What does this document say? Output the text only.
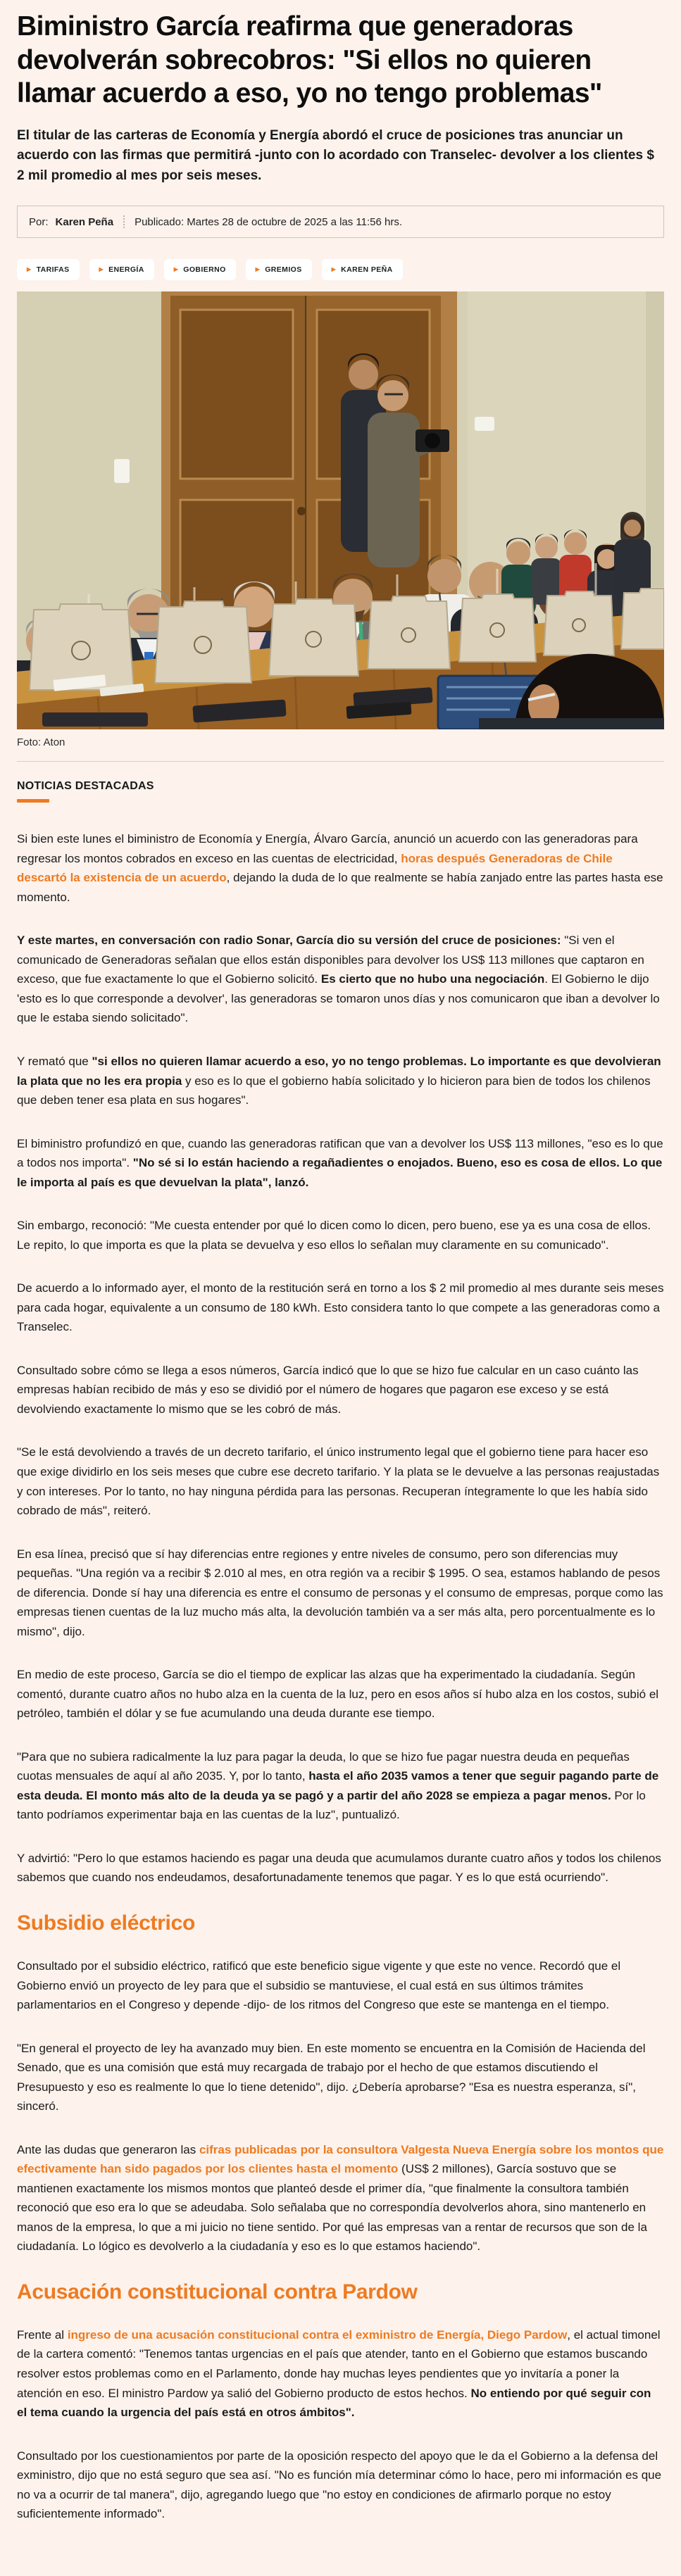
Biministro García reafirma que generadoras devolverán sobrecobros: "Si ellos no quieren llamar acuerdo a eso, yo no tengo problemas"

El titular de las carteras de Economía y Energía abordó el cruce de posiciones tras anunciar un acuerdo con las firmas que permitirá -junto con lo acordado con Transelec- devolver a los clientes $ 2 mil promedio al mes por seis meses.

Por: Karen Peña Publicado: Martes 28 de octubre de 2025 a las 11:56 hrs.
▶ TARIFAS	▶ ENERGÍA	▶ GOBIERNO	▶ GREMIOS	▶ KAREN PEÑA
Foto: Aton
NOTICIAS DESTACADAS

Si bien este lunes el biministro de Economía y Energía, Álvaro García, anunció un acuerdo con las generadoras para regresar los montos cobrados en exceso en las cuentas de electricidad, horas después Generadoras de Chile descartó la existencia de un acuerdo, dejando la duda de lo que realmente se había zanjado entre las partes hasta ese momento.

Y este martes, en conversación con radio Sonar, García dio su versión del cruce de posiciones: "Si ven el comunicado de Generadoras señalan que ellos están disponibles para devolver los US$ 113 millones que captaron en exceso, que fue exactamente lo que el Gobierno solicitó. Es cierto que no hubo una negociación. El Gobierno le dijo 'esto es lo que corresponde a devolver', las generadoras se tomaron unos días y nos comunicaron que iban a devolver lo que le estaba siendo solicitado".

Y remató que "si ellos no quieren llamar acuerdo a eso, yo no tengo problemas. Lo importante es que devolvieran la plata que no les era propia y eso es lo que el gobierno había solicitado y lo hicieron para bien de todos los chilenos que deben tener esa plata en sus hogares".

El biministro profundizó en que, cuando las generadoras ratifican que van a devolver los US$ 113 millones, "eso es lo que a todos nos importa". "No sé si lo están haciendo a regañadientes o enojados. Bueno, eso es cosa de ellos. Lo que le importa al país es que devuelvan la plata", lanzó.

Sin embargo, reconoció: "Me cuesta entender por qué lo dicen como lo dicen, pero bueno, ese ya es una cosa de ellos. Le repito, lo que importa es que la plata se devuelva y eso ellos lo señalan muy claramente en su comunicado".

De acuerdo a lo informado ayer, el monto de la restitución será en torno a los $ 2 mil promedio al mes durante seis meses para cada hogar, equivalente a un consumo de 180 kWh. Esto considera tanto lo que compete a las generadoras como a Transelec.

Consultado sobre cómo se llega a esos números, García indicó que lo que se hizo fue calcular en un caso cuánto las empresas habían recibido de más y eso se dividió por el número de hogares que pagaron ese exceso y se está devolviendo exactamente lo mismo que se les cobró de más.

"Se le está devolviendo a través de un decreto tarifario, el único instrumento legal que el gobierno tiene para hacer eso que exige dividirlo en los seis meses que cubre ese decreto tarifario. Y la plata se le devuelve a las personas reajustadas y con intereses. Por lo tanto, no hay ninguna pérdida para las personas. Recuperan íntegramente lo que les había sido cobrado de más", reiteró.

En esa línea, precisó que sí hay diferencias entre regiones y entre niveles de consumo, pero son diferencias muy pequeñas. "Una región va a recibir $ 2.010 al mes, en otra región va a recibir $ 1995. O sea, estamos hablando de pesos de diferencia. Donde sí hay una diferencia es entre el consumo de personas y el consumo de empresas, porque como las empresas tienen cuentas de la luz mucho más alta, la devolución también va a ser más alta, pero porcentualmente es lo mismo", dijo.

En medio de este proceso, García se dio el tiempo de explicar las alzas que ha experimentado la ciudadanía. Según comentó, durante cuatro años no hubo alza en la cuenta de la luz, pero en esos años sí hubo alza en los costos, subió el petróleo, también el dólar y se fue acumulando una deuda durante ese tiempo.

"Para que no subiera radicalmente la luz para pagar la deuda, lo que se hizo fue pagar nuestra deuda en pequeñas cuotas mensuales de aquí al año 2035. Y, por lo tanto, hasta el año 2035 vamos a tener que seguir pagando parte de esta deuda. El monto más alto de la deuda ya se pagó y a partir del año 2028 se empieza a pagar menos. Por lo tanto podríamos experimentar baja en las cuentas de la luz", puntualizó.

Y advirtió: "Pero lo que estamos haciendo es pagar una deuda que acumulamos durante cuatro años y todos los chilenos sabemos que cuando nos endeudamos, desafortunadamente tenemos que pagar. Y es lo que está ocurriendo".

Subsidio eléctrico

Consultado por el subsidio eléctrico, ratificó que este beneficio sigue vigente y que este no vence. Recordó que el Gobierno envió un proyecto de ley para que el subsidio se mantuviese, el cual está en sus últimos trámites parlamentarios en el Congreso y depende -dijo- de los ritmos del Congreso que este se mantenga en el tiempo.

"En general el proyecto de ley ha avanzado muy bien. En este momento se encuentra en la Comisión de Hacienda del Senado, que es una comisión que está muy recargada de trabajo por el hecho de que estamos discutiendo el Presupuesto y eso es realmente lo que lo tiene detenido", dijo. ¿Debería aprobarse? "Esa es nuestra esperanza, sí", sinceró.

Ante las dudas que generaron las cifras publicadas por la consultora Valgesta Nueva Energía sobre los montos que efectivamente han sido pagados por los clientes hasta el momento (US$ 2 millones), García sostuvo que se mantienen exactamente los mismos montos que planteó desde el primer día, "que finalmente la consultora también reconoció que eso era lo que se adeudaba. Solo señalaba que no correspondía devolverlos ahora, sino mantenerlo en manos de la empresa, lo que a mi juicio no tiene sentido. Por qué las empresas van a rentar de recursos que son de la ciudadanía. Lo lógico es devolverlo a la ciudadanía y eso es lo que estamos haciendo".

Acusación constitucional contra Pardow

Frente al ingreso de una acusación constitucional contra el exministro de Energía, Diego Pardow, el actual timonel de la cartera comentó: "Tenemos tantas urgencias en el país que atender, tanto en el Gobierno que estamos buscando resolver estos problemas como en el Parlamento, donde hay muchas leyes pendientes que yo invitaría a poner la atención en eso. El ministro Pardow ya salió del Gobierno producto de estos hechos. No entiendo por qué seguir con el tema cuando la urgencia del país está en otros ámbitos".

Consultado por los cuestionamientos por parte de la oposición respecto del apoyo que le da el Gobierno a la defensa del exministro, dijo que no está seguro que sea así. "No es función mía determinar cómo lo hace, pero mi información es que no va a ocurrir de tal manera", dijo, agregando luego que "no estoy en condiciones de afirmarlo porque no estoy suficientemente informado".
